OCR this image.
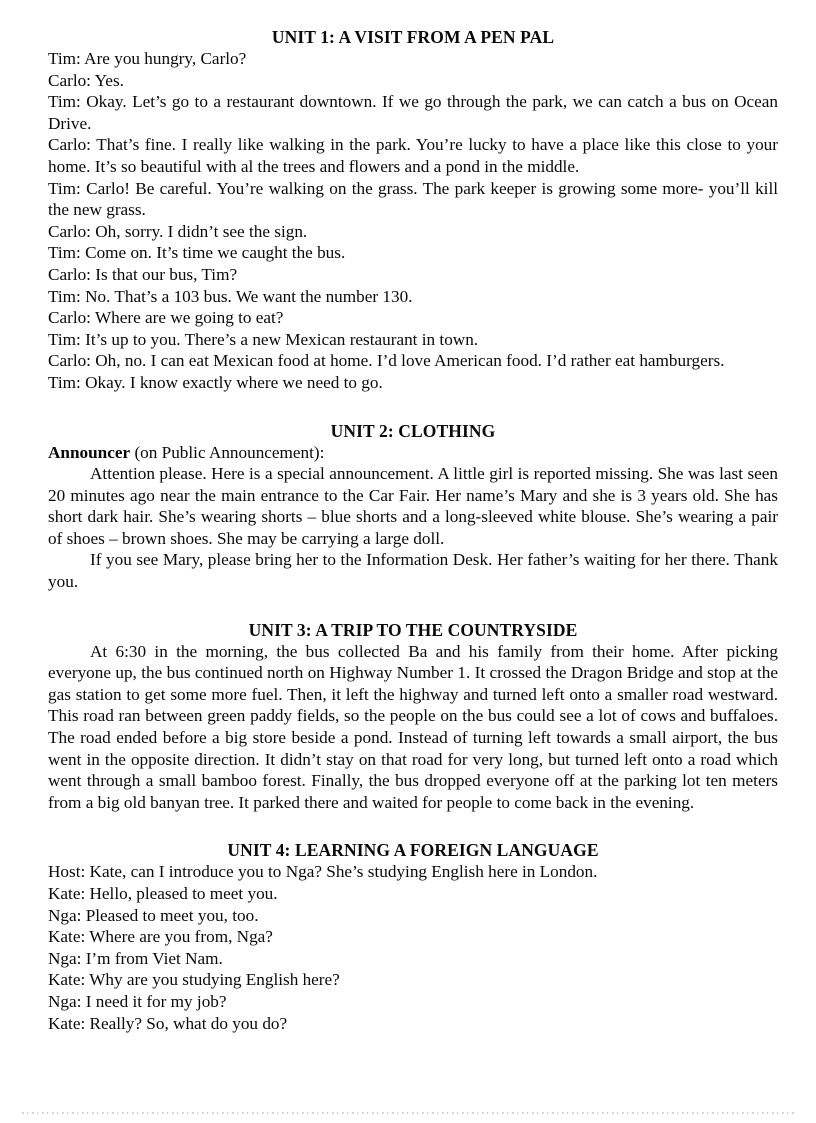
UNIT 1: A VISIT FROM A PEN PAL

Tim: Are you hungry, Carlo?

Carlo: Yes.

Tim: Okay. Let’s go to a restaurant downtown. If we go through the park, we can catch a bus on Ocean Drive.

Carlo: That’s fine. I really like walking in the park. You’re lucky to have a place like this close to your home. It’s so beautiful with al the trees and flowers and a pond in the middle.

Tim: Carlo! Be careful. You’re walking on the grass. The park keeper is growing some more- you’ll kill the new grass.

Carlo: Oh, sorry. I didn’t see the sign.

Tim: Come on. It’s time we caught the bus.

Carlo: Is that our bus, Tim?

Tim: No. That’s a 103 bus. We want the number 130.

Carlo: Where are we going to eat?

Tim: It’s up to you. There’s a new Mexican restaurant in town.

Carlo: Oh, no. I can eat Mexican food at home. I’d love American food. I’d rather eat hamburgers.

Tim: Okay. I know exactly where we need to go.

UNIT 2: CLOTHING

Announcer (on Public Announcement):

Attention please. Here is a special announcement. A little girl is reported missing. She was last seen 20 minutes ago near the main entrance to the Car Fair. Her name’s Mary and she is 3 years old. She has short dark hair. She’s wearing shorts – blue shorts and a long-sleeved white blouse. She’s wearing a pair of shoes – brown shoes. She may be carrying a large doll.

If you see Mary, please bring her to the Information Desk. Her father’s waiting for her there. Thank you.

UNIT 3: A TRIP TO THE COUNTRYSIDE

At 6:30 in the morning, the bus collected Ba and his family from their home. After picking everyone up, the bus continued north on Highway Number 1. It crossed the Dragon Bridge and stop at the gas station to get some more fuel. Then, it left the highway and turned left onto a smaller road westward. This road ran between green paddy fields, so the people on the bus could see a lot of cows and buffaloes. The road ended before a big store beside a pond. Instead of turning left towards a small airport, the bus went in the opposite direction. It didn’t stay on that road for very long, but turned left onto a road which went through a small bamboo forest. Finally, the bus dropped everyone off at the parking lot ten meters from a big old banyan tree. It parked there and waited for people to come back in the evening.

UNIT 4: LEARNING A FOREIGN LANGUAGE

Host: Kate, can I introduce you to Nga? She’s studying English here in London.

Kate: Hello, pleased to meet you.

Nga: Pleased to meet you, too.

Kate: Where are you from, Nga?

Nga: I’m from Viet Nam.

Kate: Why are you studying English here?

Nga: I need it for my job?

Kate: Really? So, what do you do?
